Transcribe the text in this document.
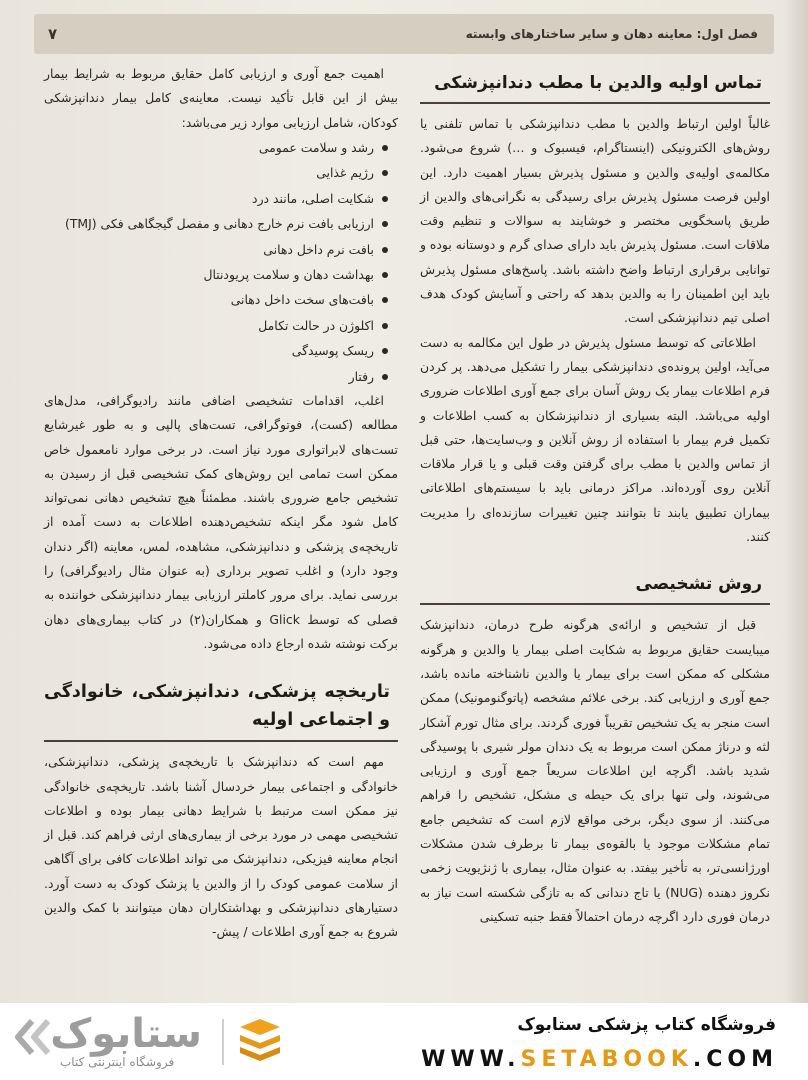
فصل اول: معاینه دهان و سایر ساختارهای وابسته
۷
تماس اولیه والدین با مطب دندانپزشکی

غالباً اولین ارتباط والدین با مطب دندانپزشکی با تماس تلفنی یا روش‌های الکترونیکی (اینستاگرام، فیسبوک و …) شروع می‌شود. مکالمه‌ی اولیه‌ی والدین و مسئول پذیرش بسیار اهمیت دارد. این اولین فرصت مسئول پذیرش برای رسیدگی به نگرانی‌های والدین از طریق پاسخگویی مختصر و خوشایند به سوالات و تنظیم وقت ملاقات است. مسئول پذیرش باید دارای صدای گرم و دوستانه بوده و توانایی برقراری ارتباط واضح داشته باشد. پاسخ‌های مسئول پذیرش باید این اطمینان را به والدین بدهد که راحتی و آسایش کودک هدف اصلی تیم دندانپزشکی است.

اطلاعاتی که توسط مسئول پذیرش در طول این مکالمه به دست می‌آید، اولین پرونده‌ی دندانپزشکی بیمار را تشکیل می‌دهد. پر کردن فرم اطلاعات بیمار یک روش آسان برای جمع آوری اطلاعات ضروری اولیه می‌باشد. البته بسیاری از دندانپزشکان به کسب اطلاعات و تکمیل فرم بیمار با استفاده از روش آنلاین و وب‌سایت‌ها، حتی قبل از تماس والدین با مطب برای گرفتن وقت قبلی و یا قرار ملاقات آنلاین روی آورده‌اند. مراکز درمانی باید با سیستم‌های اطلاعاتی بیماران تطبیق یابند تا بتوانند چنین تغییرات سازنده‌ای را مدیریت کنند.

روش تشخیصی

قبل از تشخیص و ارائه‌ی هرگونه طرح درمان، دندانپزشک میبایست حقایق مربوط به شکایت اصلی بیمار یا والدین و هرگونه مشکلی که ممکن است برای بیمار یا والدین ناشناخته مانده باشد، جمع آوری و ارزیابی کند. برخی علائم مشخصه (پاتوگنومونیک) ممکن است منجر به یک تشخیص تقریباً فوری گردند. برای مثال تورم آشکار لثه و درناژ ممکن است مربوط به یک دندان مولر شیری با پوسیدگی شدید باشد. اگرچه این اطلاعات سریعاً جمع آوری و ارزیابی می‌شوند، ولی تنها برای یک حیطه ی مشکل، تشخیص را فراهم می‌کنند. از سوی دیگر، برخی مواقع لازم است که تشخیص جامع تمام مشکلات موجود یا بالقوه‌ی بیمار تا برطرف شدن مشکلات اورژانسی‌تر، به تأخیر بیفتد. به عنوان مثال، بیماری با ژنژیویت زخمی نکروز دهنده (NUG) یا تاج دندانی که به تازگی شکسته است نیاز به درمان فوری دارد اگرچه درمان احتمالاً فقط جنبه تسکینی

اهمیت جمع آوری و ارزیابی کامل حقایق مربوط به شرایط بیمار بیش از این قابل تأکید نیست. معاینه‌ی کامل بیمار دندانپزشکی کودکان، شامل ارزیابی موارد زیر می‌باشد:

رشد و سلامت عمومی
رژیم غذایی
شکایت اصلی، مانند درد
ارزیابی بافت نرم خارج دهانی و مفصل گیجگاهی فکی (TMJ)
بافت نرم داخل دهانی
بهداشت دهان و سلامت پریودنتال
بافت‌های سخت داخل دهانی
اکلوژن در حالت تکامل
ریسک پوسیدگی
رفتار

اغلب، اقدامات تشخیصی اضافی مانند رادیوگرافی، مدل‌های مطالعه (کست)، فوتوگرافی، تست‌های پالپی و به طور غیرشایع تست‌های لابراتواری مورد نیاز است. در برخی موارد نامعمول خاص ممکن است تمامی این روش‌های کمک تشخیصی قبل از رسیدن به تشخیص جامع ضروری باشند. مطمئناً هیچ تشخیص دهانی نمی‌تواند کامل شود مگر اینکه تشخیص‌دهنده اطلاعات به دست آمده از تاریخچه‌ی پزشکی و دندانپزشکی، مشاهده، لمس، معاینه (اگر دندان وجود دارد) و اغلب تصویر برداری (به عنوان مثال رادیوگرافی) را بررسی نماید. برای مرور کاملتر ارزیابی بیمار دندانپزشکی خواننده به فصلی که توسط Glick و همکاران(۲) در کتاب بیماری‌های دهان برکت نوشته شده ارجاع داده می‌شود.

تاریخچه پزشکی، دندانپزشکی، خانوادگی و اجتماعی اولیه

مهم است که دندانپزشک با تاریخچه‌ی پزشکی، دندانپزشکی، خانوادگی و اجتماعی بیمار خردسال آشنا باشد. تاریخچه‌ی خانوادگی نیز ممکن است مرتبط با شرایط دهانی بیمار بوده و اطلاعات تشخیصی مهمی در مورد برخی از بیماری‌های ارثی فراهم کند. قبل از انجام معاینه فیزیکی، دندانپزشک می تواند اطلاعات کافی برای آگاهی از سلامت عمومی کودک را از والدین یا پزشک کودک به دست آورد. دستیارهای دندانپزشکی و بهداشتکاران دهان میتوانند با کمک والدین شروع به جمع آوری اطلاعات / پیش-

ستابوک
فروشگاه اینترنتی کتاب
فروشگاه کتاب پزشکی ستابوک
WWW.SETABOOK.COM
